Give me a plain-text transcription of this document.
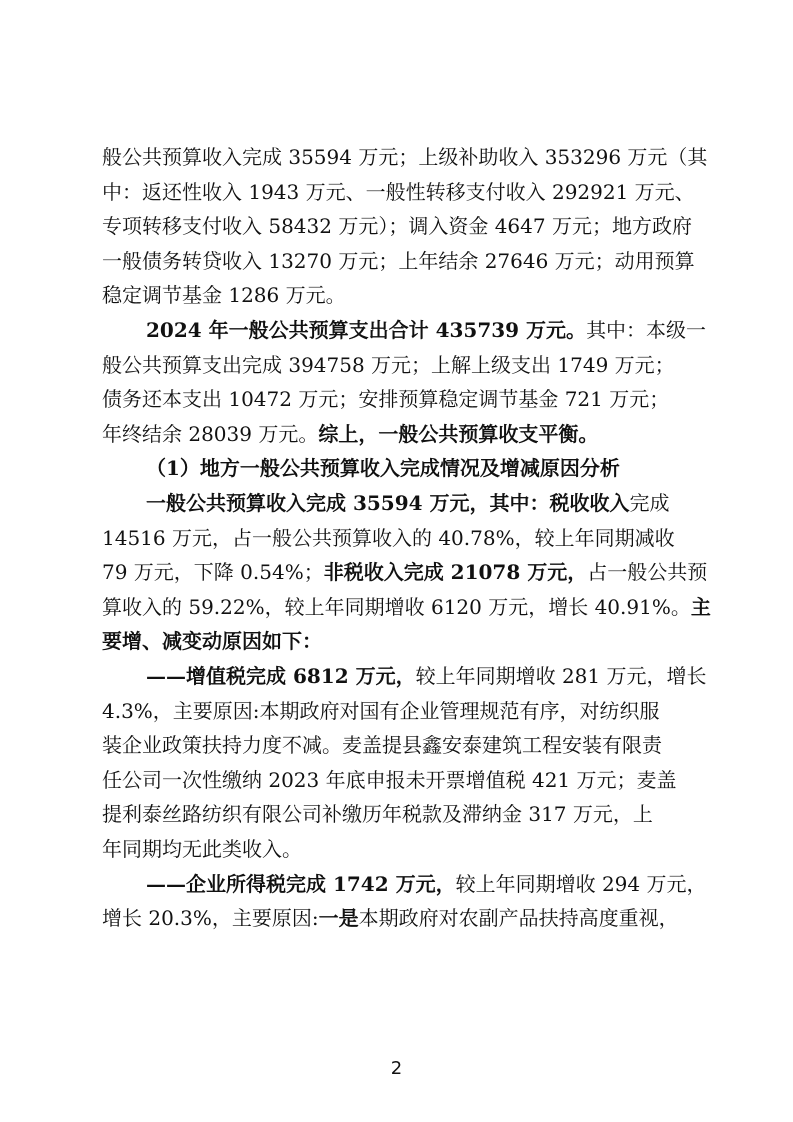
般公共预算收入完成 35594 万元；上级补助收入 353296 万元（其
中：返还性收入 1943 万元、一般性转移支付收入 292921 万元、
专项转移支付收入 58432 万元）；调入资金 4647 万元；地方政府
一般债务转贷收入 13270 万元；上年结余 27646 万元；动用预算
稳定调节基金 1286 万元。
2024 年一般公共预算支出合计 435739 万元。其中：本级一
般公共预算支出完成 394758 万元；上解上级支出 1749 万元；
债务还本支出 10472 万元；安排预算稳定调节基金 721 万元；
年终结余 28039 万元。综上，一般公共预算收支平衡。
（1）地方一般公共预算收入完成情况及增减原因分析
一般公共预算收入完成 35594 万元，其中：税收收入完成
14516 万元，占一般公共预算收入的 40.78%，较上年同期减收
79 万元，下降 0.54%；非税收入完成 21078 万元，占一般公共预
算收入的 59.22%，较上年同期增收 6120 万元，增长 40.91%。主
要增、减变动原因如下：
——增值税完成 6812 万元，较上年同期增收 281 万元，增长
4.3%，主要原因:本期政府对国有企业管理规范有序，对纺织服
装企业政策扶持力度不减。麦盖提县鑫安泰建筑工程安装有限责
任公司一次性缴纳 2023 年底申报未开票增值税 421 万元；麦盖
提利泰丝路纺织有限公司补缴历年税款及滞纳金 317 万元，上
年同期均无此类收入。
——企业所得税完成 1742 万元，较上年同期增收 294 万元，
增长 20.3%，主要原因:一是本期政府对农副产品扶持高度重视，
2
